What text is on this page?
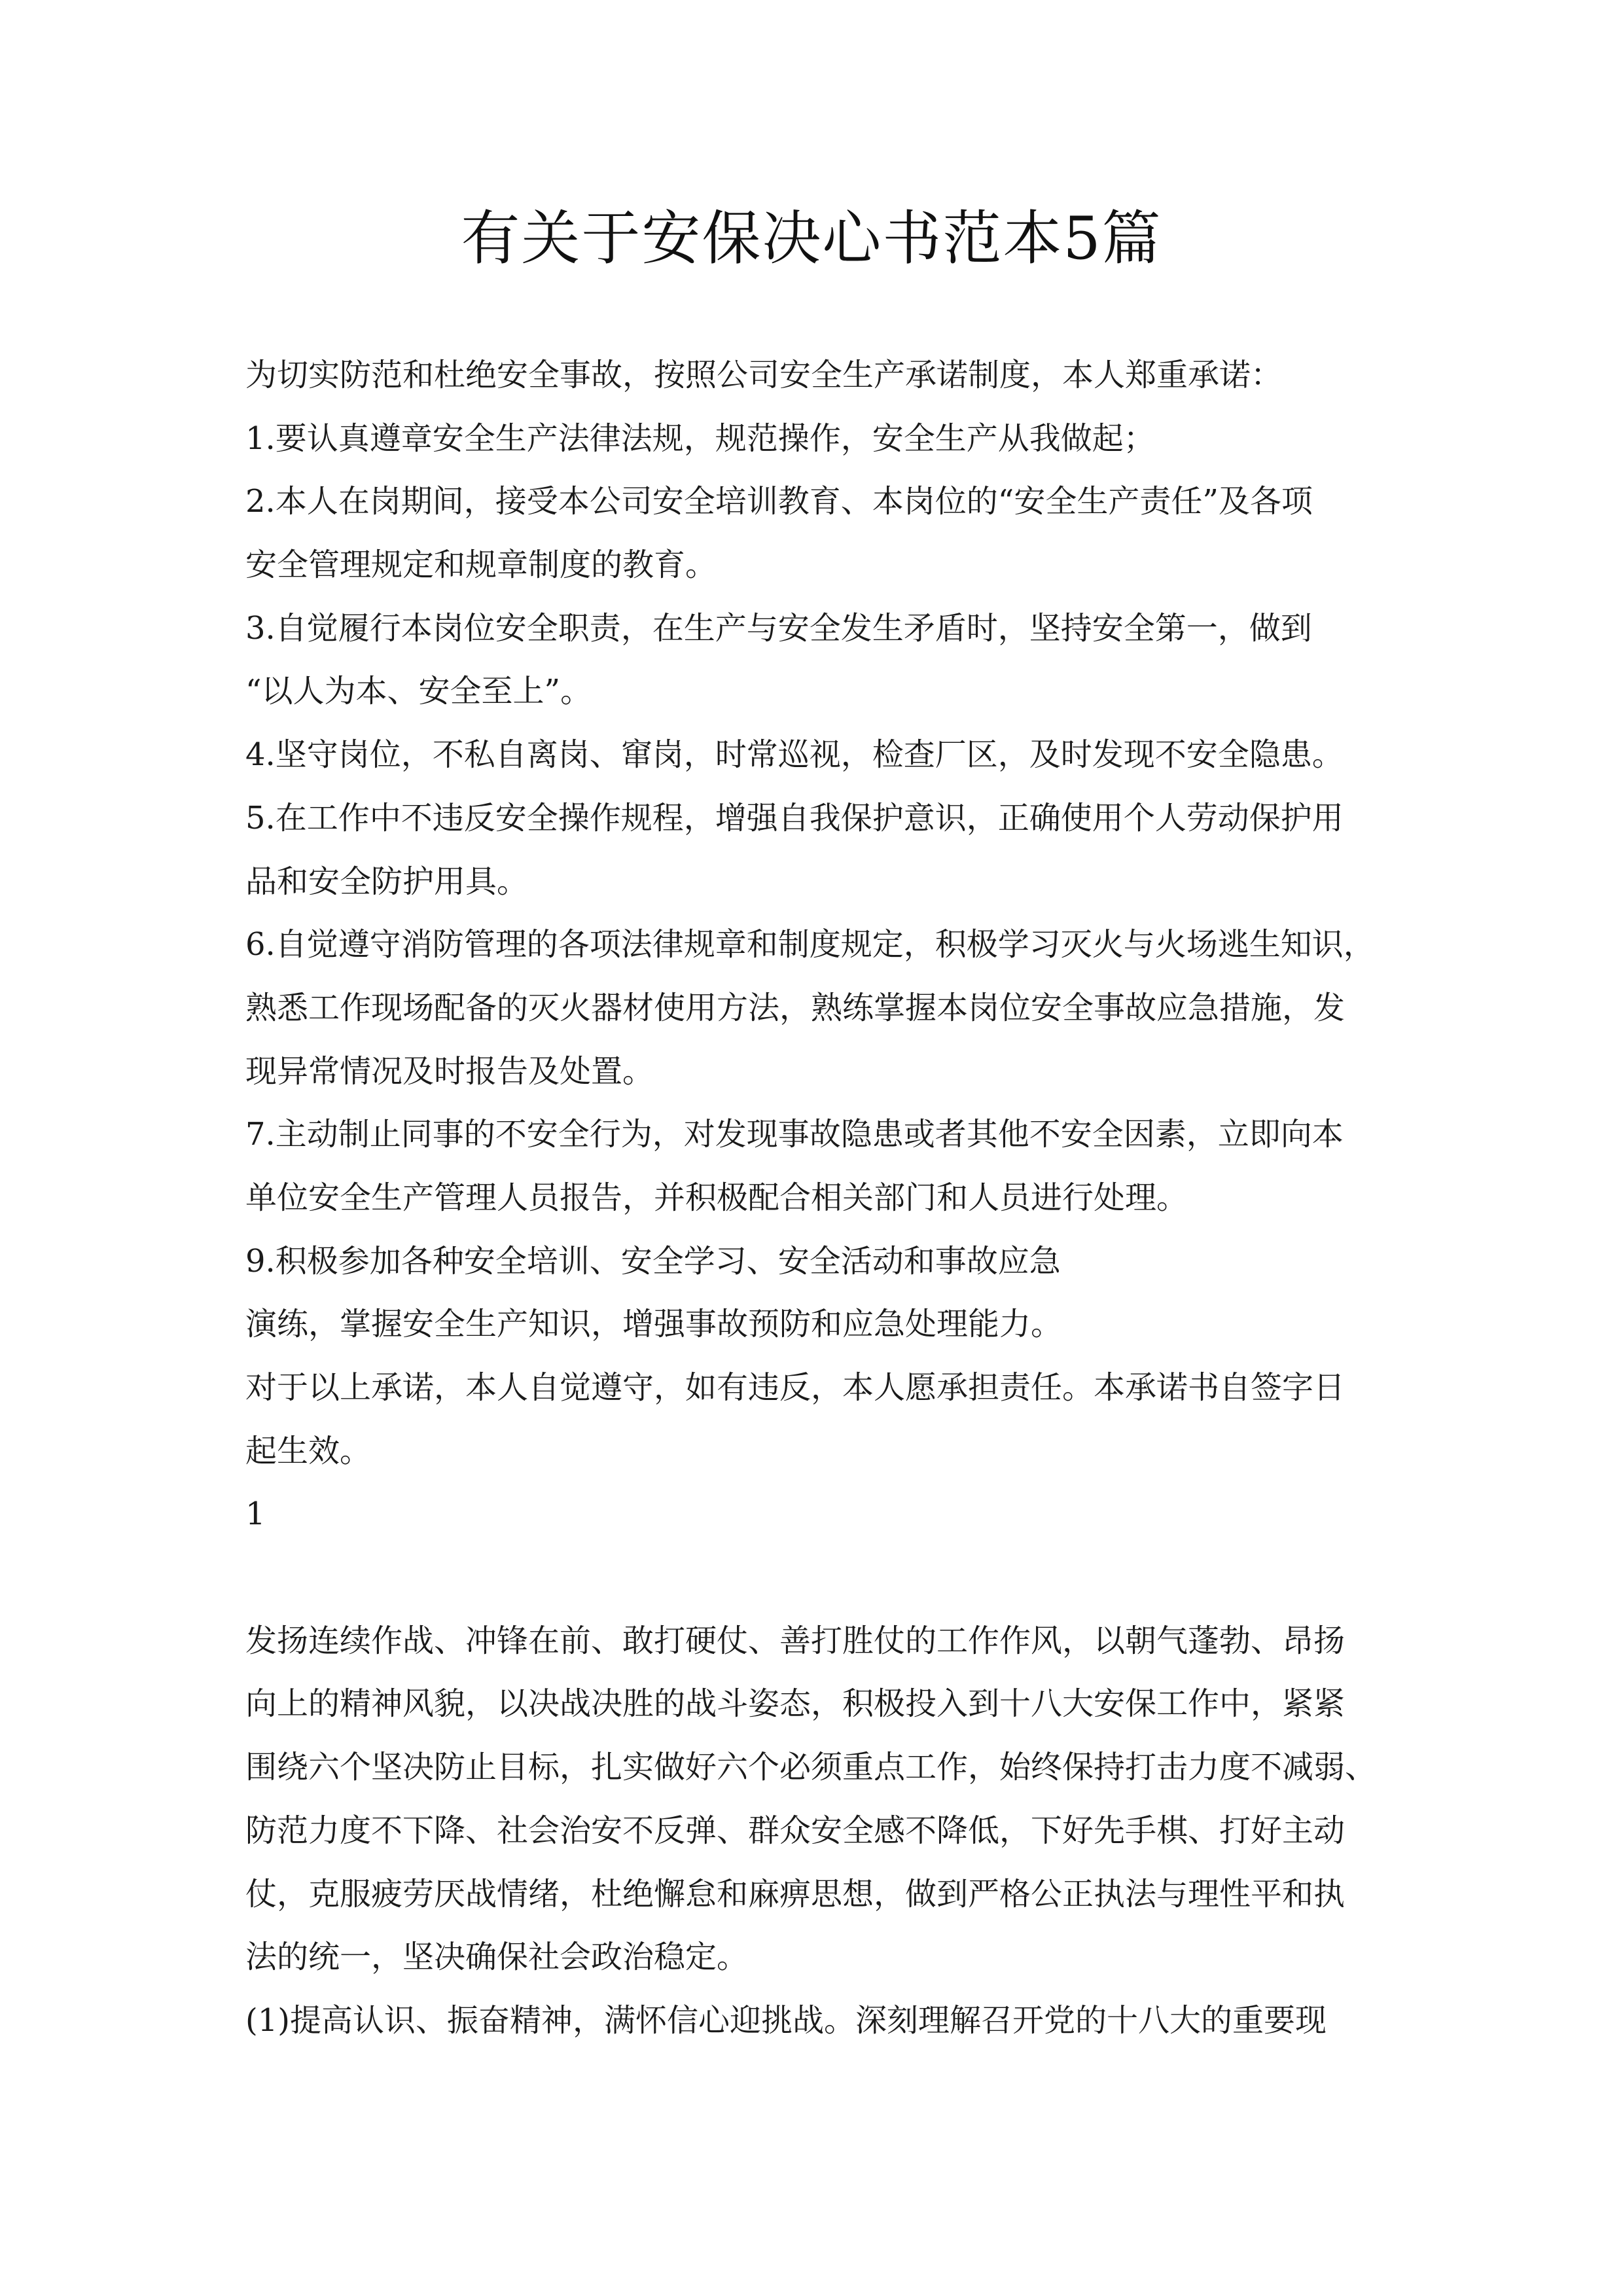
有关于安保决心书范本5篇
为切实防范和杜绝安全事故，按照公司安全生产承诺制度，本人郑重承诺：
1.要认真遵章安全生产法律法规，规范操作，安全生产从我做起；
2.本人在岗期间，接受本公司安全培训教育、本岗位的“安全生产责任”及各项
安全管理规定和规章制度的教育。
3.自觉履行本岗位安全职责，在生产与安全发生矛盾时，坚持安全第一，做到
“以人为本、安全至上”。
4.坚守岗位，不私自离岗、窜岗，时常巡视，检查厂区，及时发现不安全隐患。
5.在工作中不违反安全操作规程，增强自我保护意识，正确使用个人劳动保护用
品和安全防护用具。
6.自觉遵守消防管理的各项法律规章和制度规定，积极学习灭火与火场逃生知识，
熟悉工作现场配备的灭火器材使用方法，熟练掌握本岗位安全事故应急措施，发
现异常情况及时报告及处置。
7.主动制止同事的不安全行为，对发现事故隐患或者其他不安全因素，立即向本
单位安全生产管理人员报告，并积极配合相关部门和人员进行处理。
9.积极参加各种安全培训、安全学习、安全活动和事故应急
演练，掌握安全生产知识，增强事故预防和应急处理能力。
对于以上承诺，本人自觉遵守，如有违反，本人愿承担责任。本承诺书自签字日
起生效。
1
发扬连续作战、冲锋在前、敢打硬仗、善打胜仗的工作作风，以朝气蓬勃、昂扬
向上的精神风貌，以决战决胜的战斗姿态，积极投入到十八大安保工作中，紧紧
围绕六个坚决防止目标，扎实做好六个必须重点工作，始终保持打击力度不减弱、
防范力度不下降、社会治安不反弹、群众安全感不降低，下好先手棋、打好主动
仗，克服疲劳厌战情绪，杜绝懈怠和麻痹思想，做到严格公正执法与理性平和执
法的统一，坚决确保社会政治稳定。
(1)提高认识、振奋精神，满怀信心迎挑战。深刻理解召开党的十八大的重要现
